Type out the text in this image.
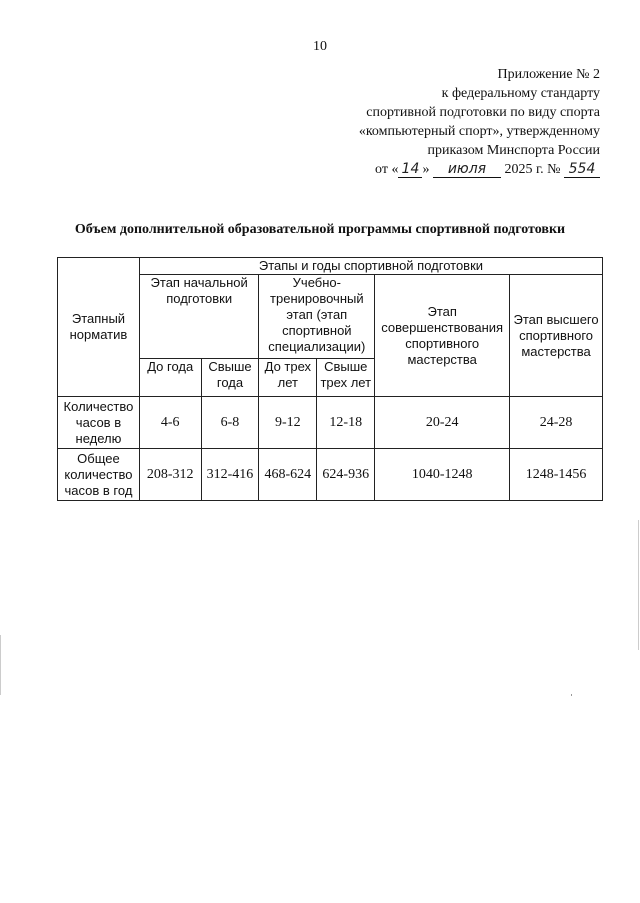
10
Приложение № 2
к федеральному стандарту
спортивной подготовки по виду спорта
«компьютерный спорт», утвержденному
приказом Минспорта России
от « 14 » июля 2025 г. № 554
Объем дополнительной образовательной программы спортивной подготовки
Этапный норматив	Этапы и годы спортивной подготовки					
	Этап начальной подготовки		Учебно-тренировочный этап (этап спортивной специализации)		Этап совершенствования спортивного мастерства	Этап высшего спортивного мастерства
	До года	Свыше года	До трех лет	Свыше трех лет		
Количество часов в неделю	4-6	6-8	9-12	12-18	20-24	24-28
Общее количество часов в год	208-312	312-416	468-624	624-936	1040-1248	1248-1456
